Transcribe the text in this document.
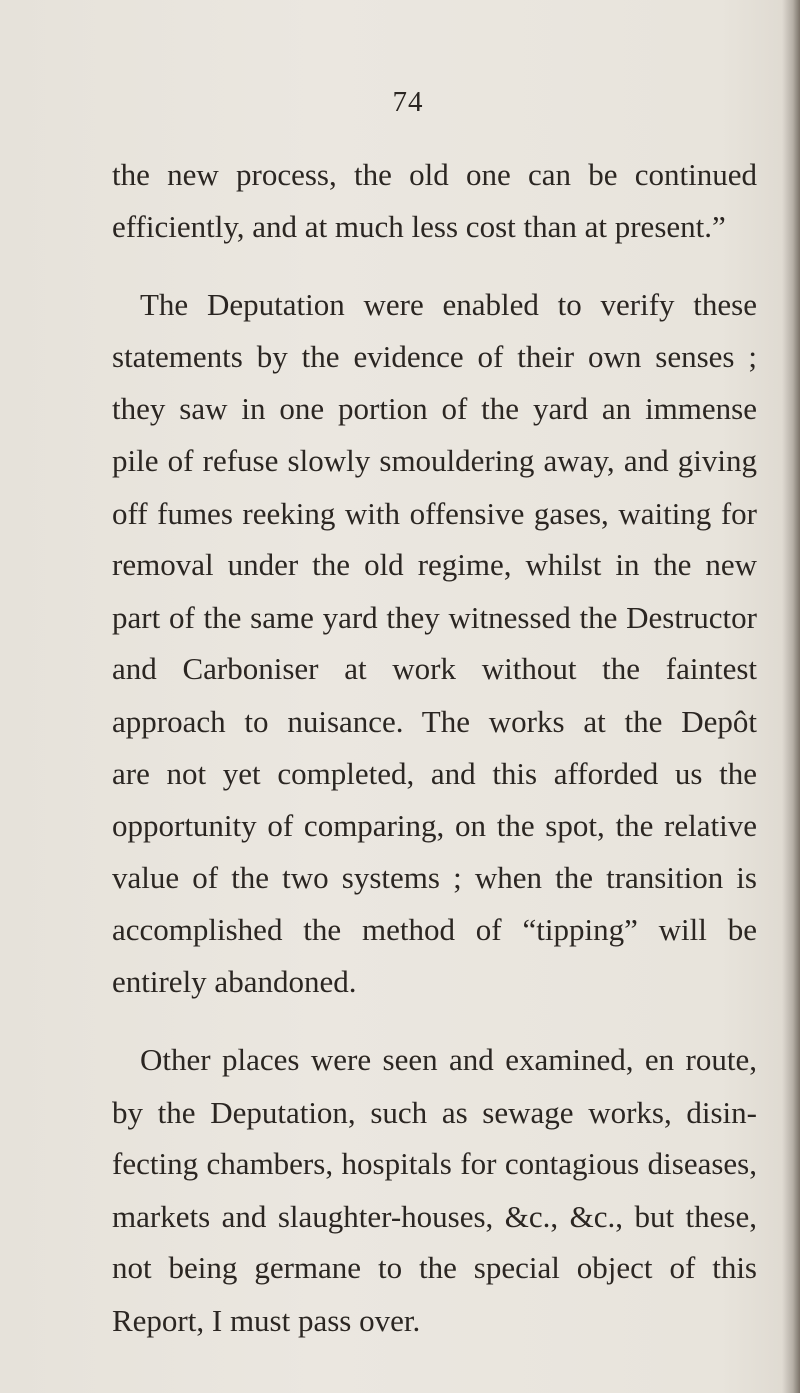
74
the new process, the old one can be continued
efficiently, and at much less cost than at present.”
The Deputation were enabled to verify these
statements by the evidence of their own senses ;
they saw in one portion of the yard an immense
pile of refuse slowly smouldering away, and giving
off fumes reeking with offensive gases, waiting for
removal under the old regime, whilst in the new
part of the same yard they witnessed the Destructor
and Carboniser at work without the faintest
approach to nuisance. The works at the Depôt
are not yet completed, and this afforded us the
opportunity of comparing, on the spot, the relative
value of the two systems ; when the transition is
accomplished the method of “tipping” will be
entirely abandoned.
Other places were seen and examined, en route,
by the Deputation, such as sewage works, disin-
fecting chambers, hospitals for contagious diseases,
markets and slaughter-houses, &c., &c., but these,
not being germane to the special object of this
Report, I must pass over.
